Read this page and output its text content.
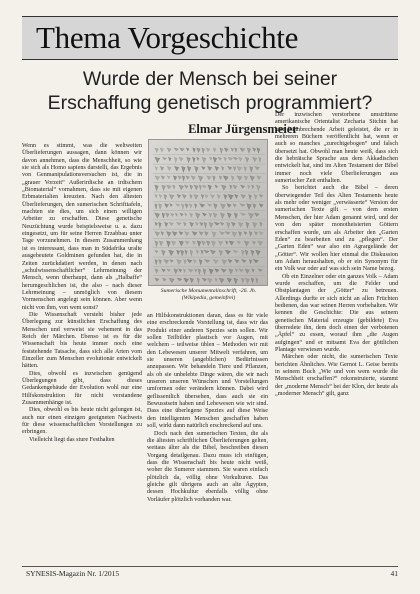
Thema Vorgeschichte
Wurde der Mensch bei seiner
Erschaffung genetisch programmiert?
Elmar Jürgensmeier

Wenn es stimmt, was die weltweiten Überlieferungen aussagen, dann können wir davon annehmen, dass die Menschheit, so wie sie sich als Homo sapiens darstellt, das Ergebnis von Genmanipulationsversuchen ist, die in „grauer Vorzeit“ Außerirdische an irdischem „Biomaterial“ vornahmen, dass sie mit eigenen Erbmaterialien kreuzten. Nach den ältesten Überlieferungen, den sumerischen Schrifttafeln, machten sie dies, um sich einen willigen Arbeiter zu erschaffen. Diese genetische Neuzüchtung wurde beispielsweise u. a. dazu eingesetzt, um für seine Herren Erzabbau unter Tage vorzunehmen. In diesem Zusammenhang ist es interessant, dass man in Südafrika uralte ausgebeutete Goldminen gefunden hat, die in Zeiten zurückdatiert werden, in denen nach „schulwissenschaftlicher“ Lehrmeinung der Mensch, wenn überhaupt, dann als „Halbaffe“ herumgeschlichen ist, die also – nach dieser Lehrmeinung – unmöglich von diesem Vormenschen angelegt sein können. Aber wenn nicht von ihm, von wem sonst?

Die Wissenschaft versteht bisher jede Überlegung zur künstlichen Erschaffung des Menschen und verweist sie vehement in das Reich der Märchen. Ebenso ist es für die Wissenschaft bis heute immer noch eine feststehende Tatsache, dass sich alle Arten vom Einzeller zum Menschen evolutionär entwickelt hätten.

Dies, obwohl es inzwischen genügend Überlegungen gibt, dass dieses Gedankengebäude der Evolution wohl nur eine Hilfskonstruktion für nicht verstandene Zusammenhänge ist.

Dies, obwohl es bis heute nicht gelungen ist, auch nur einen einzigen geeigneten Nachweis für diese wissenschaftlichen Vorstellungen zu erbringen.

Vielleicht liegt das sture Festhalten

Sumerische Monumentalinschrift, -26. Jh. (Wikipedia, gemeinfrei)

an Hilfskonstruktionen daran, dass es für viele eine erschreckende Vorstellung ist, dass wir das Produkt einer anderen Spezies sein sollen. Wir sollen Teilbilder plastisch vor Augen, mit welchem – teilweise üblen – Methoden wir mit den Lebewesen unserer Mitwelt verfahren, um sie unseren (angeblichen) Bedürfnissen anzupassen. Wir behandeln Tiere und Pflanzen, als ob sie unbelebte Dinge wären, die wir nach unseren unseren Wünschen und Vorstellungen umformen oder verändern können. Dabei wird geflissentlich übersehen, dass auch sie ein Bewusstsein haben und Lebewesen wie wir sind. Dass eine überlegene Spezies auf diese Weise den intelligenten Menschen geschaffen haben soll, wirkt dann natürlich erschreckend auf uns.

Doch nach den sumerischen Texten, die als die ältesten schriftlichen Überlieferungen gelten, weitaus älter als die Bibel, beschreiben diesen Vorgang detailgenau. Dazu muss ich einfügen, dass die Wissenschaft bis heute nicht weiß, woher die Sumerer stammen. Sie waren einfach plötzlich da, völlig ohne Vorkulturen. Das gleiche gilt übrigens auch an alte Ägypten, dessen Hochkultur ebenfalls völlig ohne Vorläufer plötzlich vorhanden war.

Der inzwischen verstorbene umstrittene amerikanische Orientalist Zecharia Sitchin hat hier bahnbrechende Arbeit geleistet, die er in mehreren Büchern veröffentlicht hat, wenn er auch so manches „zurechtgebogen“ und falsch übersetzt hat. Obwohl man heute weiß, dass sich die hebräische Sprache aus dem Akkadischen entwickelt hat, sind im Alten Testament der Bibel immer noch viele Überlieferungen aus sumerischer Zeit enthalten.

So berichtet auch die Bibel – deren überwiegender Teil des Alten Testaments heute als mehr oder weniger „verwässerte“ Version der sumerischen Texte gilt – von dem ersten Menschen, der hier Adam genannt wird, und der von den später monotheisierten Göttern erschaffen wurde, um als Arbeiter den „Garten Eden“ zu bearbeiten und zu „pflegen“. Der „Garten Eden“ war also ein Agrargelände der „Götter“. Wir wollen hier einmal die Diskussion um Adam heraushalten, ob er ein Synonym für ein Volk war oder auf was sich sein Name bezog.

Ob ein Einzelner oder ein ganzes Volk – Adam wurde erschaffen, um die Felder und Obstplantagen der „Götter“ zu betreuen. Allerdings durfte er sich nicht an allen Früchten bedienen, das war seinen Herren vorbehalten. Wir kennen die Geschichte: Die aus seinem genetischen Material erzeugte (gebildete) Eva überredete ihn, dem doch einen der verbotenen „Äpfel“ zu essen, worauf ihm „die Augen aufgingen“ und er mitsamt Eva der göttlichen Plantage verwiesen wurde.

Märchen oder nicht, die sumerischen Texte berichten Ähnliches. Wie Gernot L. Geise bereits in seinem Buch „Wie und von wem wurde die Menschheit erschaffen?“ rekonstruierte, stammt der „moderne Mensch“ bei der Klon, der heute als „moderner Mensch“ gilt, ganz

SYNESIS-Magazin Nr. 1/2015	41
